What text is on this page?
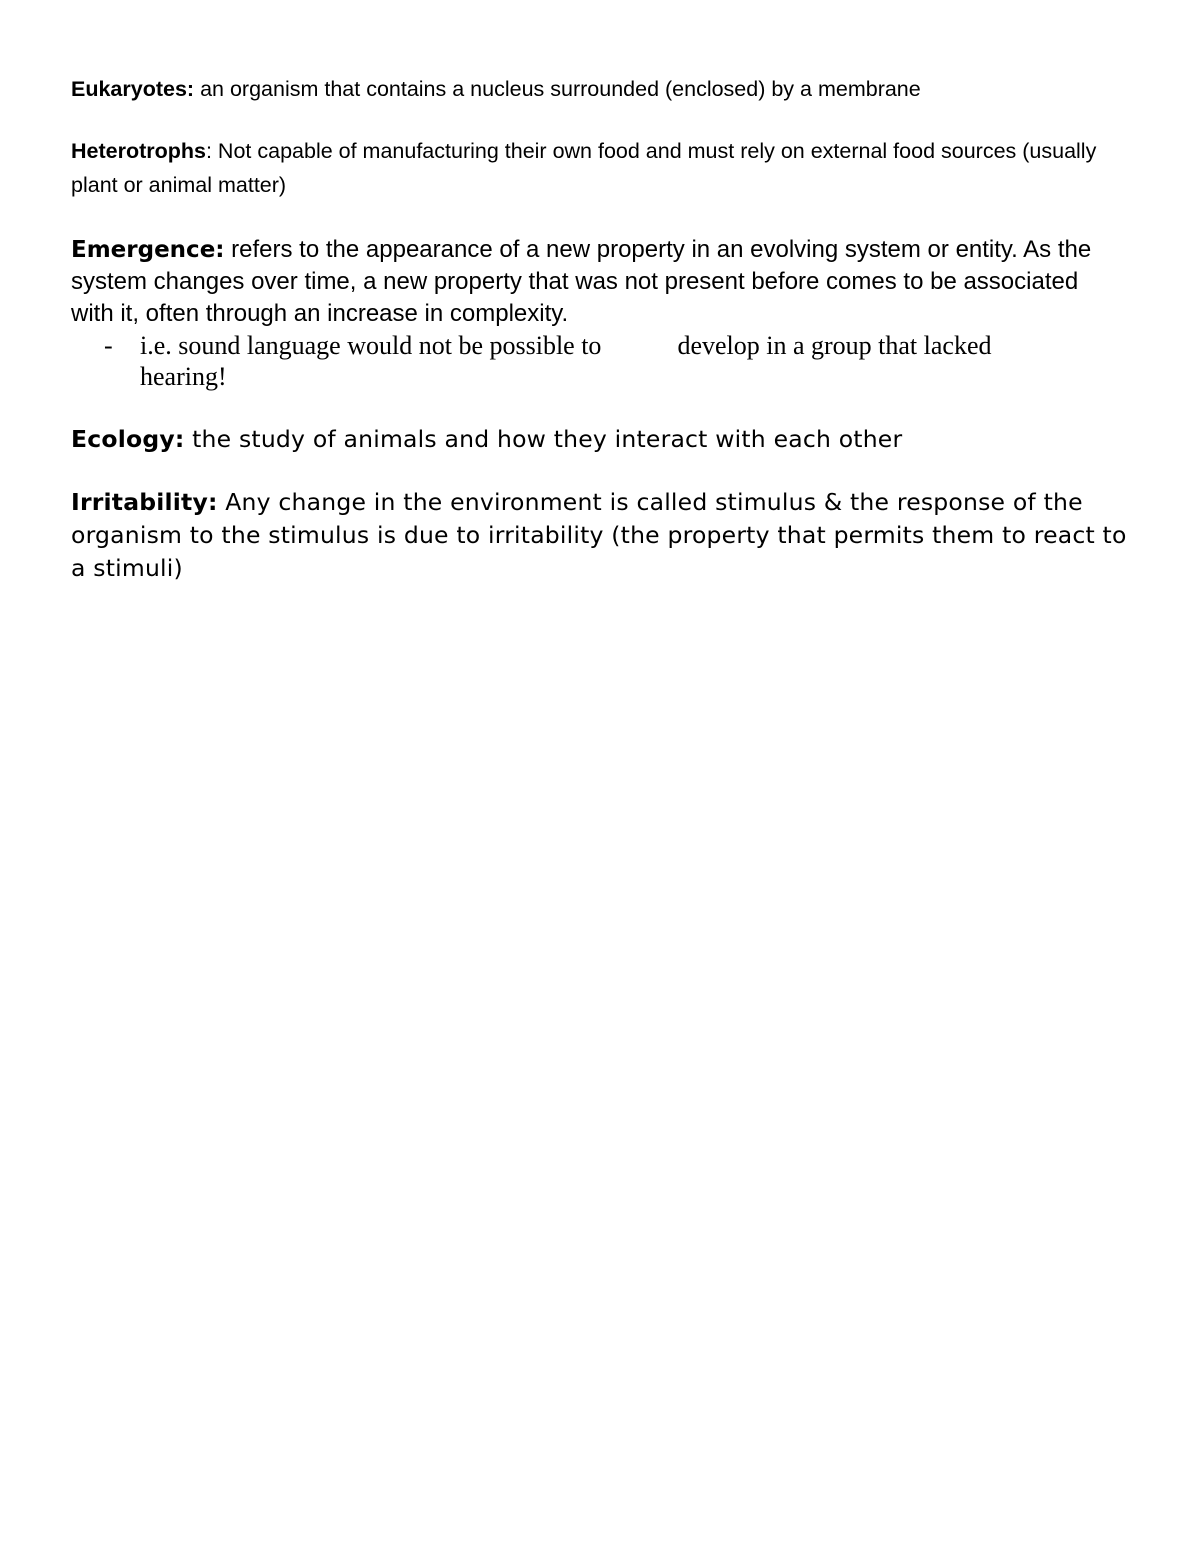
Eukaryotes: an organism that contains a nucleus surrounded (enclosed) by a membrane

Heterotrophs: Not capable of manufacturing their own food and must rely on external food sources (usually plant or animal matter)

Emergence: refers to the appearance of a new property in an evolving system or entity. As the system changes over time, a new property that was not present before comes to be associated with it, often through an increase in complexity.

-	i.e. sound language would not be possible to	develop in a group that lacked hearing!

Ecology: the study of animals and how they interact with each other

Irritability: Any change in the environment is called stimulus & the response of the organism to the stimulus is due to irritability (the property that permits them to react to a stimuli)
